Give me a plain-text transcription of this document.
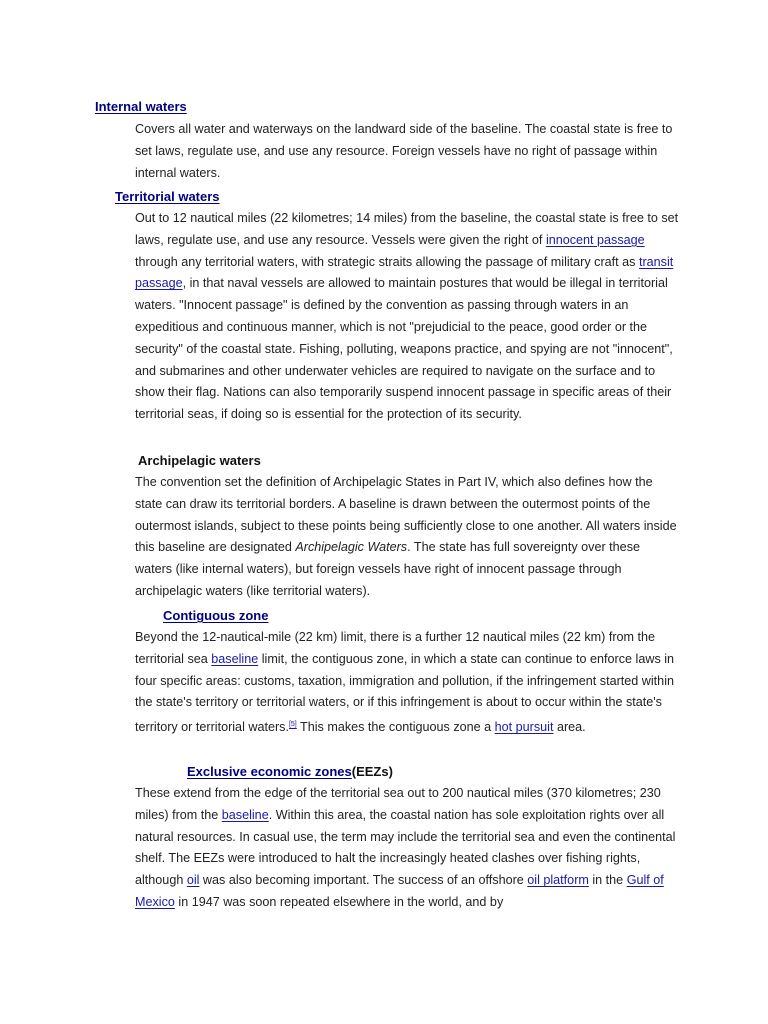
Internal waters
Covers all water and waterways on the landward side of the baseline. The coastal state is free to set laws, regulate use, and use any resource. Foreign vessels have no right of passage within internal waters.
Territorial waters
Out to 12 nautical miles (22 kilometres; 14 miles) from the baseline, the coastal state is free to set laws, regulate use, and use any resource. Vessels were given the right of innocent passage through any territorial waters, with strategic straits allowing the passage of military craft as transit passage, in that naval vessels are allowed to maintain postures that would be illegal in territorial waters. "Innocent passage" is defined by the convention as passing through waters in an expeditious and continuous manner, which is not "prejudicial to the peace, good order or the security" of the coastal state. Fishing, polluting, weapons practice, and spying are not "innocent", and submarines and other underwater vehicles are required to navigate on the surface and to show their flag. Nations can also temporarily suspend innocent passage in specific areas of their territorial seas, if doing so is essential for the protection of its security.
Archipelagic waters
The convention set the definition of Archipelagic States in Part IV, which also defines how the state can draw its territorial borders. A baseline is drawn between the outermost points of the outermost islands, subject to these points being sufficiently close to one another. All waters inside this baseline are designated Archipelagic Waters. The state has full sovereignty over these waters (like internal waters), but foreign vessels have right of innocent passage through archipelagic waters (like territorial waters).
Contiguous zone
Beyond the 12-nautical-mile (22 km) limit, there is a further 12 nautical miles (22 km) from the territorial sea baseline limit, the contiguous zone, in which a state can continue to enforce laws in four specific areas: customs, taxation, immigration and pollution, if the infringement started within the state's territory or territorial waters, or if this infringement is about to occur within the state's territory or territorial waters.[5] This makes the contiguous zone a hot pursuit area.
Exclusive economic zones(EEZs)
These extend from the edge of the territorial sea out to 200 nautical miles (370 kilometres; 230 miles) from the baseline. Within this area, the coastal nation has sole exploitation rights over all natural resources. In casual use, the term may include the territorial sea and even the continental shelf. The EEZs were introduced to halt the increasingly heated clashes over fishing rights, although oil was also becoming important. The success of an offshore oil platform in the Gulf of Mexico in 1947 was soon repeated elsewhere in the world, and by
